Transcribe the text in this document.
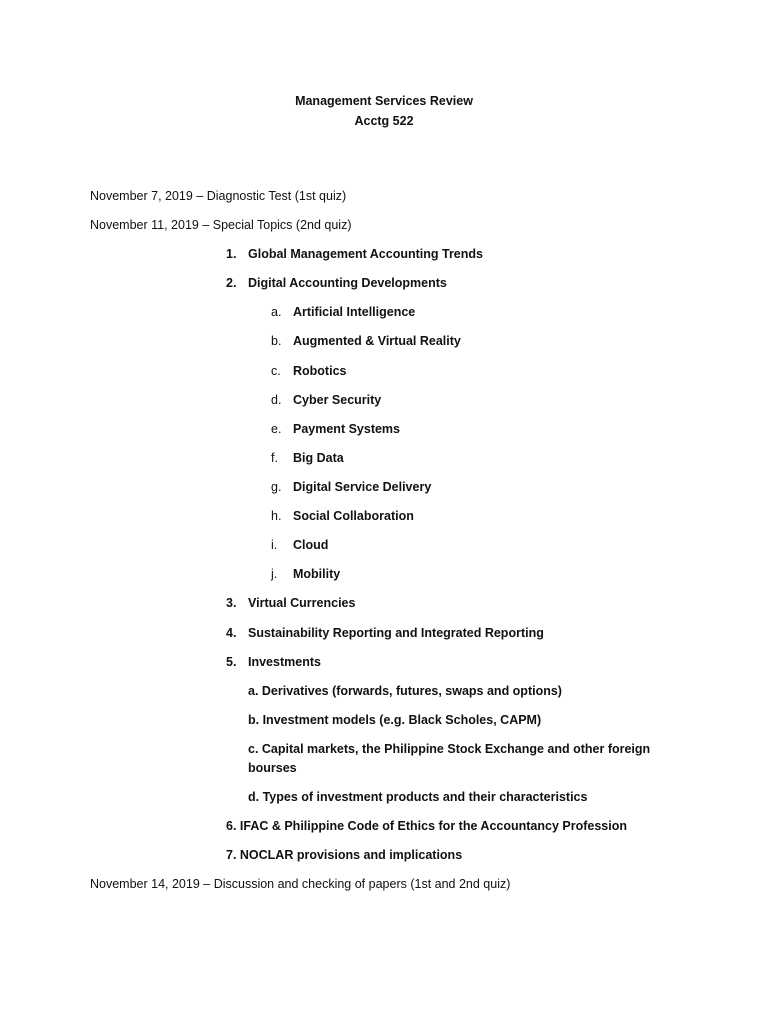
Management Services Review
Acctg 522
November 7, 2019 – Diagnostic Test (1st quiz)
November 11, 2019 – Special Topics (2nd quiz)
1. Global Management Accounting Trends
2. Digital Accounting Developments
a. Artificial Intelligence
b. Augmented & Virtual Reality
c. Robotics
d. Cyber Security
e. Payment Systems
f. Big Data
g. Digital Service Delivery
h. Social Collaboration
i. Cloud
j. Mobility
3. Virtual Currencies
4. Sustainability Reporting and Integrated Reporting
5. Investments
a. Derivatives (forwards, futures, swaps and options)
b. Investment models (e.g. Black Scholes, CAPM)
c. Capital markets, the Philippine Stock Exchange and other foreign
bourses
d. Types of investment products and their characteristics
6. IFAC & Philippine Code of Ethics for the Accountancy Profession
7. NOCLAR provisions and implications
November 14, 2019 – Discussion and checking of papers (1st and 2nd quiz)
